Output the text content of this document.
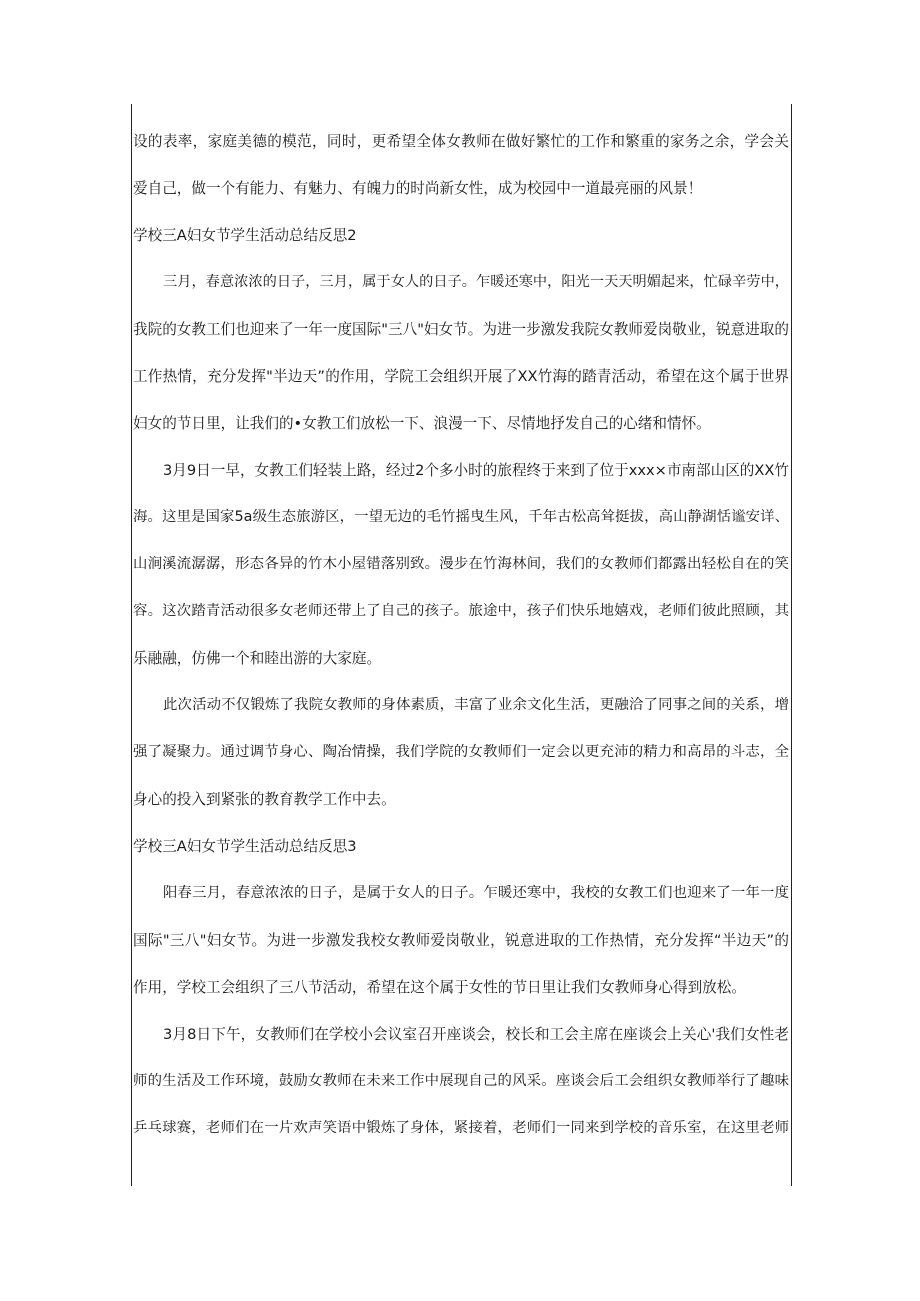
设的表率，家庭美德的模范，同时，更希望全体女教师在做好繁忙的工作和繁重的家务之余，学会关
爱自己，做一个有能力、有魅力、有魄力的时尚新女性，成为校园中一道最亮丽的风景！
学校三A妇女节学生活动总结反思2
三月，春意浓浓的日子，三月，属于女人的日子。乍暖还寒中，阳光一天天明媚起来，忙碌辛劳中，
我院的女教工们也迎来了一年一度国际"三八"妇女节。为进一步激发我院女教师爱岗敬业，锐意进取的
工作热情，充分发挥"半边天”的作用，学院工会组织开展了XX竹海的踏青活动，希望在这个属于世界
妇女的节日里，让我们的•女教工们放松一下、浪漫一下、尽情地抒发自己的心绪和情怀。
3月9日一早，女教工们轻装上路，经过2个多小时的旅程终于来到了位于xxx×市南部山区的XX竹
海。这里是国家5a级生态旅游区，一望无边的毛竹摇曳生风，千年古松高耸挺拔，高山静湖恬谧安详、
山涧溪流潺潺，形态各异的竹木小屋错落别致。漫步在竹海林间，我们的女教师们都露出轻松自在的笑
容。这次踏青活动很多女老师还带上了自己的孩子。旅途中，孩子们快乐地嬉戏，老师们彼此照顾，其
乐融融，仿佛一个和睦出游的大家庭。
此次活动不仅锻炼了我院女教师的身体素质，丰富了业余文化生活，更融洽了同事之间的关系，增
强了凝聚力。通过调节身心、陶冶情操，我们学院的女教师们一定会以更充沛的精力和高昂的斗志，全
身心的投入到紧张的教育教学工作中去。
学校三A妇女节学生活动总结反思3
阳春三月，春意浓浓的日子，是属于女人的日子。乍暖还寒中，我校的女教工们也迎来了一年一度
国际"三八"妇女节。为进一步激发我校女教师爱岗敬业，锐意进取的工作热情，充分发挥“半边天”的
作用，学校工会组织了三八节活动，希望在这个属于女性的节日里让我们女教师身心得到放松。
3月8日下午，女教师们在学校小会议室召开座谈会，校长和工会主席在座谈会上关心'我们女性老
师的生活及工作环境，鼓励女教师在未来工作中展现自己的风采。座谈会后工会组织女教师举行了趣味
乒乓球赛，老师们在一片欢声笑语中锻炼了身体，紧接着，老师们一同来到学校的音乐室，在这里老师
